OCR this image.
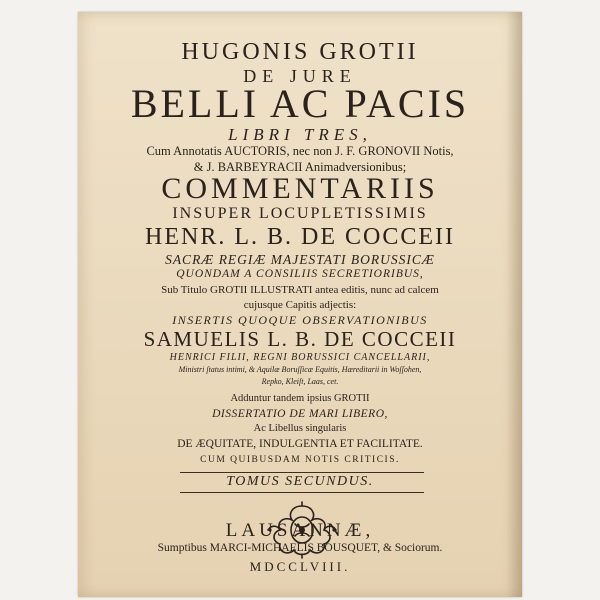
HUGONIS GROTII
DE JURE
BELLI AC PACIS
LIBRI TRES,
Cum Annotatis AUCTORIS, nec non J. F. GRONOVII Notis,
& J. BARBEYRACII Animadversionibus;
COMMENTARIIS
INSUPER LOCUPLETISSIMIS
HENR. L. B. DE COCCEII
SACRÆ REGIÆ MAJESTATI BORUSSICÆ
QUONDAM A CONSILIIS SECRETIORIBUS,
Sub Titulo GROTII ILLUSTRATI antea editis, nunc ad calcem
cujusque Capitis adjectis:
INSERTIS QUOQUE OBSERVATIONIBUS
SAMUELIS L. B. DE COCCEII
HENRICI FILII, REGNI BORUSSICI CANCELLARII,
Ministri ſtatus intimi, & Aquilæ Boruſſicæ Equitis, Hæreditarii in Woſſohen,
Repko, Kleiſt, Laas, cet.
Adduntur tandem ipsius GROTII
DISSERTATIO DE MARI LIBERO,
Ac Libellus singularis
DE ÆQUITATE, INDULGENTIA ET FACILITATE.
CUM QUIBUSDAM NOTIS CRITICIS.
TOMUS SECUNDUS.
LAUSANNÆ,
Sumptibus MARCI-MICHAELIS BOUSQUET, & Sociorum.
MDCCLVIII.
